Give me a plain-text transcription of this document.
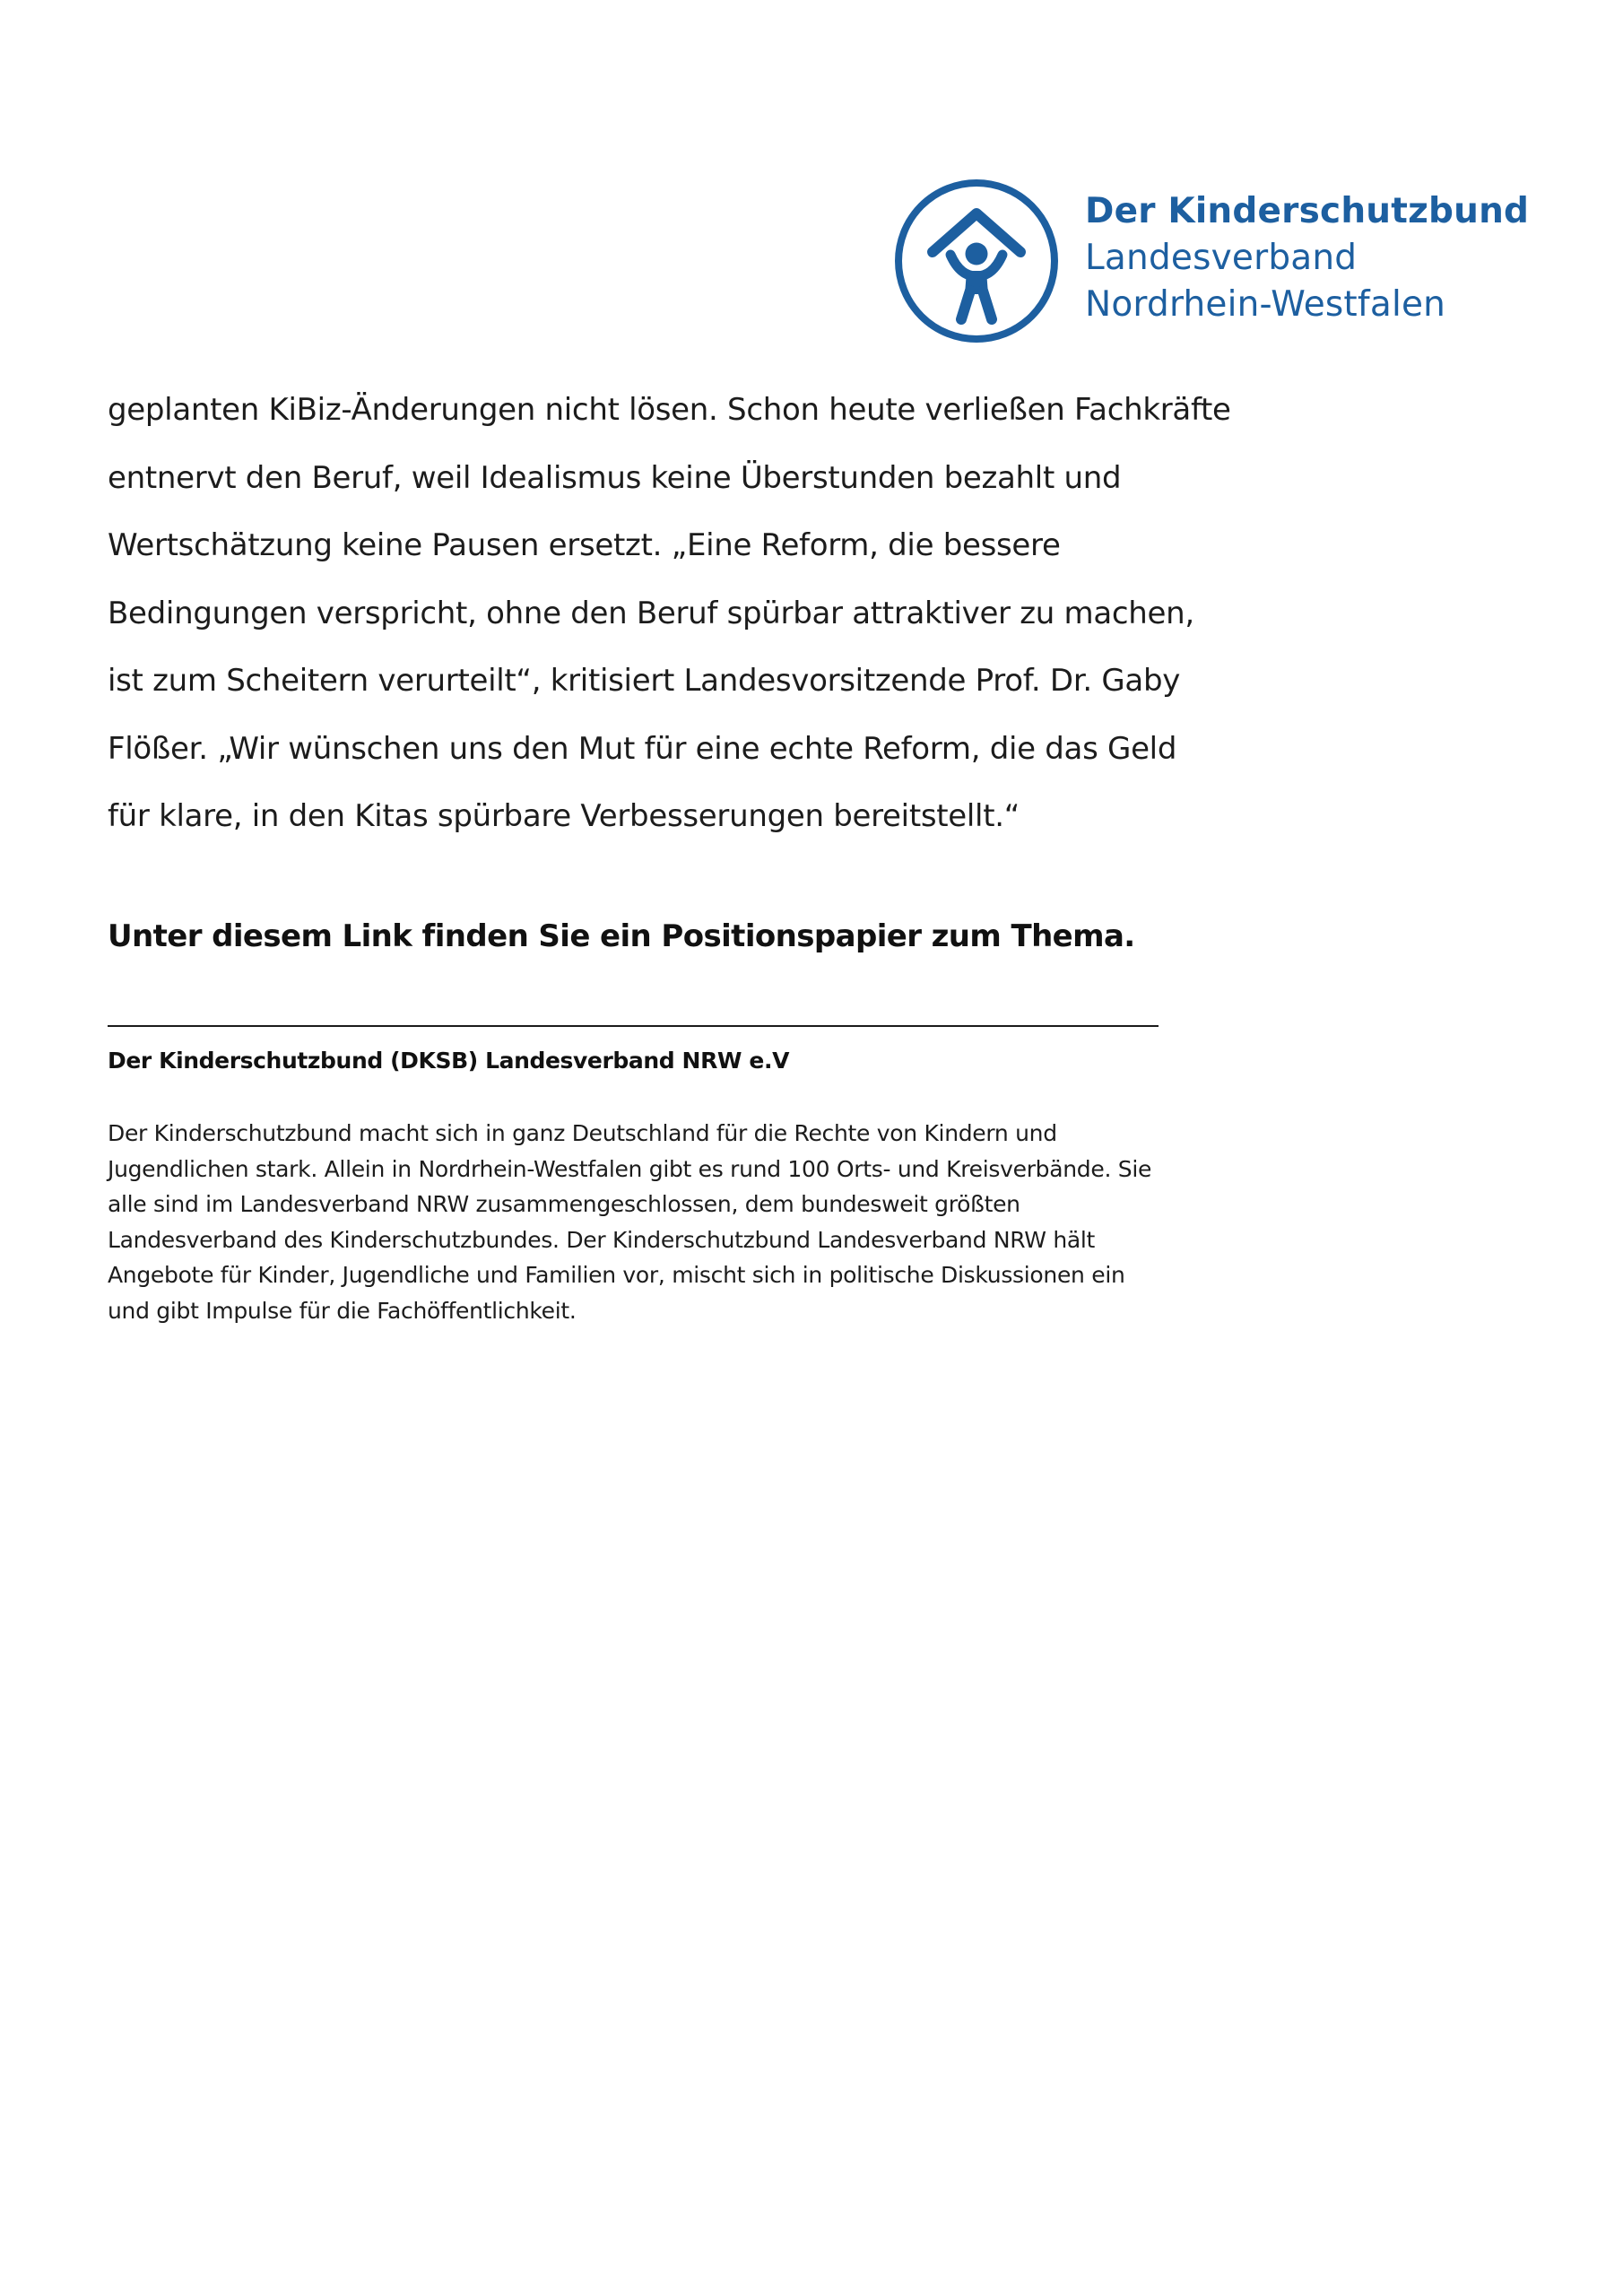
Der Kinderschutzbund
Landesverband
Nordrhein-Westfalen
geplanten KiBiz-Änderungen nicht lösen. Schon heute verließen Fachkräfte
entnervt den Beruf, weil Idealismus keine Überstunden bezahlt und
Wertschätzung keine Pausen ersetzt. „Eine Reform, die bessere
Bedingungen verspricht, ohne den Beruf spürbar attraktiver zu machen,
ist zum Scheitern verurteilt“, kritisiert Landesvorsitzende Prof. Dr. Gaby
Flößer. „Wir wünschen uns den Mut für eine echte Reform, die das Geld
für klare, in den Kitas spürbare Verbesserungen bereitstellt.“
Unter diesem Link finden Sie ein Positionspapier zum Thema.
Der Kinderschutzbund (DKSB) Landesverband NRW e.V
Der Kinderschutzbund macht sich in ganz Deutschland für die Rechte von Kindern und
Jugendlichen stark. Allein in Nordrhein-Westfalen gibt es rund 100 Orts- und Kreisverbände. Sie
alle sind im Landesverband NRW zusammengeschlossen, dem bundesweit größten
Landesverband des Kinderschutzbundes. Der Kinderschutzbund Landesverband NRW hält
Angebote für Kinder, Jugendliche und Familien vor, mischt sich in politische Diskussionen ein
und gibt Impulse für die Fachöffentlichkeit.
